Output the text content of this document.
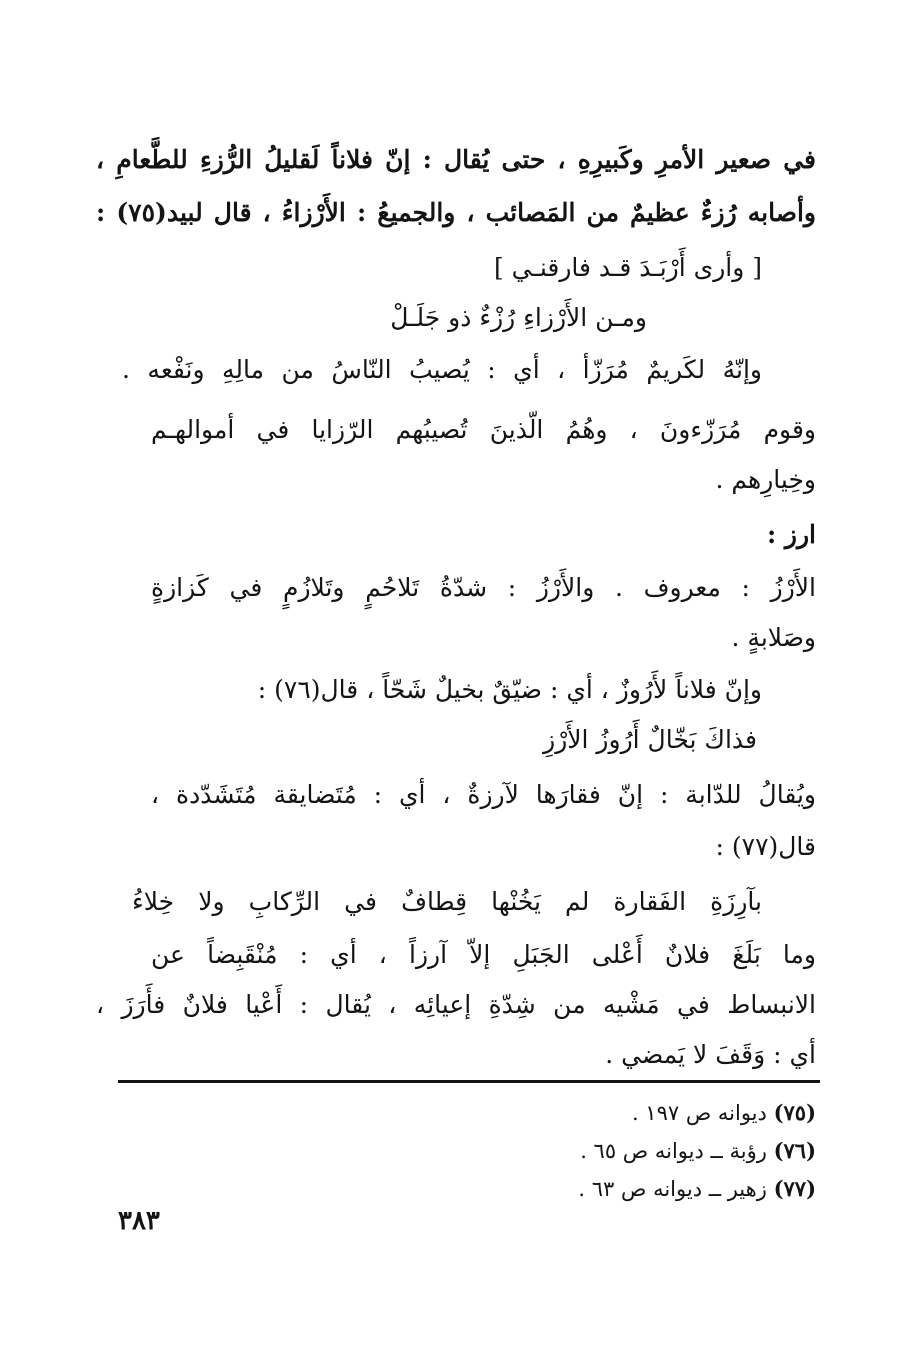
في صعير الأمرِ وكَبيرِهِ ، حتى يُقال : إنّ فلاناً لَقليلُ الرُّزءِ للطَّعامِ ،
وأصابه رُزءٌ عظيمٌ من المَصائب ، والجميعُ : الأَرْزاءُ ، قال لبيد(٧٥) :
[ وأرى أَرْبَـدَ قـد فارقنـي ]
ومـن الأَرْزاءِ رُزْءٌ ذو جَلَـلْ
وإنّهُ لكَريمٌ مُرَزّأ ، أي : يُصيبُ النّاسُ من مالِهِ ونَفْعه .
وقوم مُرَزّءونَ ، وهُمُ الّذينَ تُصيبُهم الرّزايا في أموالهـم
وخِيارِهم .
ارز :
الأَرْزُ : معروف . والأَرْزُ : شدّةُ تَلاحُمٍ وتَلازُمٍ في كَزازةٍ
وصَلابةٍ .
وإنّ فلاناً لأَرُوزٌ ، أي : ضيّقٌ بخيلٌ شَحّاً ، قال(٧٦) :
فذاكَ بَخّالٌ أَرُوزُ الأَرْزِ
ويُقالُ للدّابة : إنّ فقارَها لآرزةٌ ، أي : مُتَضايقة مُتَشَدّدة ،
قال(٧٧) :
بآرِزَةِ الفَقارة لم يَخُنْها قِطافٌ في الرِّكابِ ولا خِلاءُ
وما بَلَغَ فلانٌ أَعْلى الجَبَلِ إلاّ آرزاً ، أي : مُنْقَبِضاً عن
الانبساط في مَشْيه من شِدّةِ إعيائِه ، يُقال : أَعْيا فلانٌ فأَرَزَ ،
أي : وَقَفَ لا يَمضي .
(٧٥) ديوانه ص ١٩٧ .
(٧٦) رؤبة ــ ديوانه ص ٦٥ .
(٧٧) زهير ــ ديوانه ص ٦٣ .
٣٨٣
